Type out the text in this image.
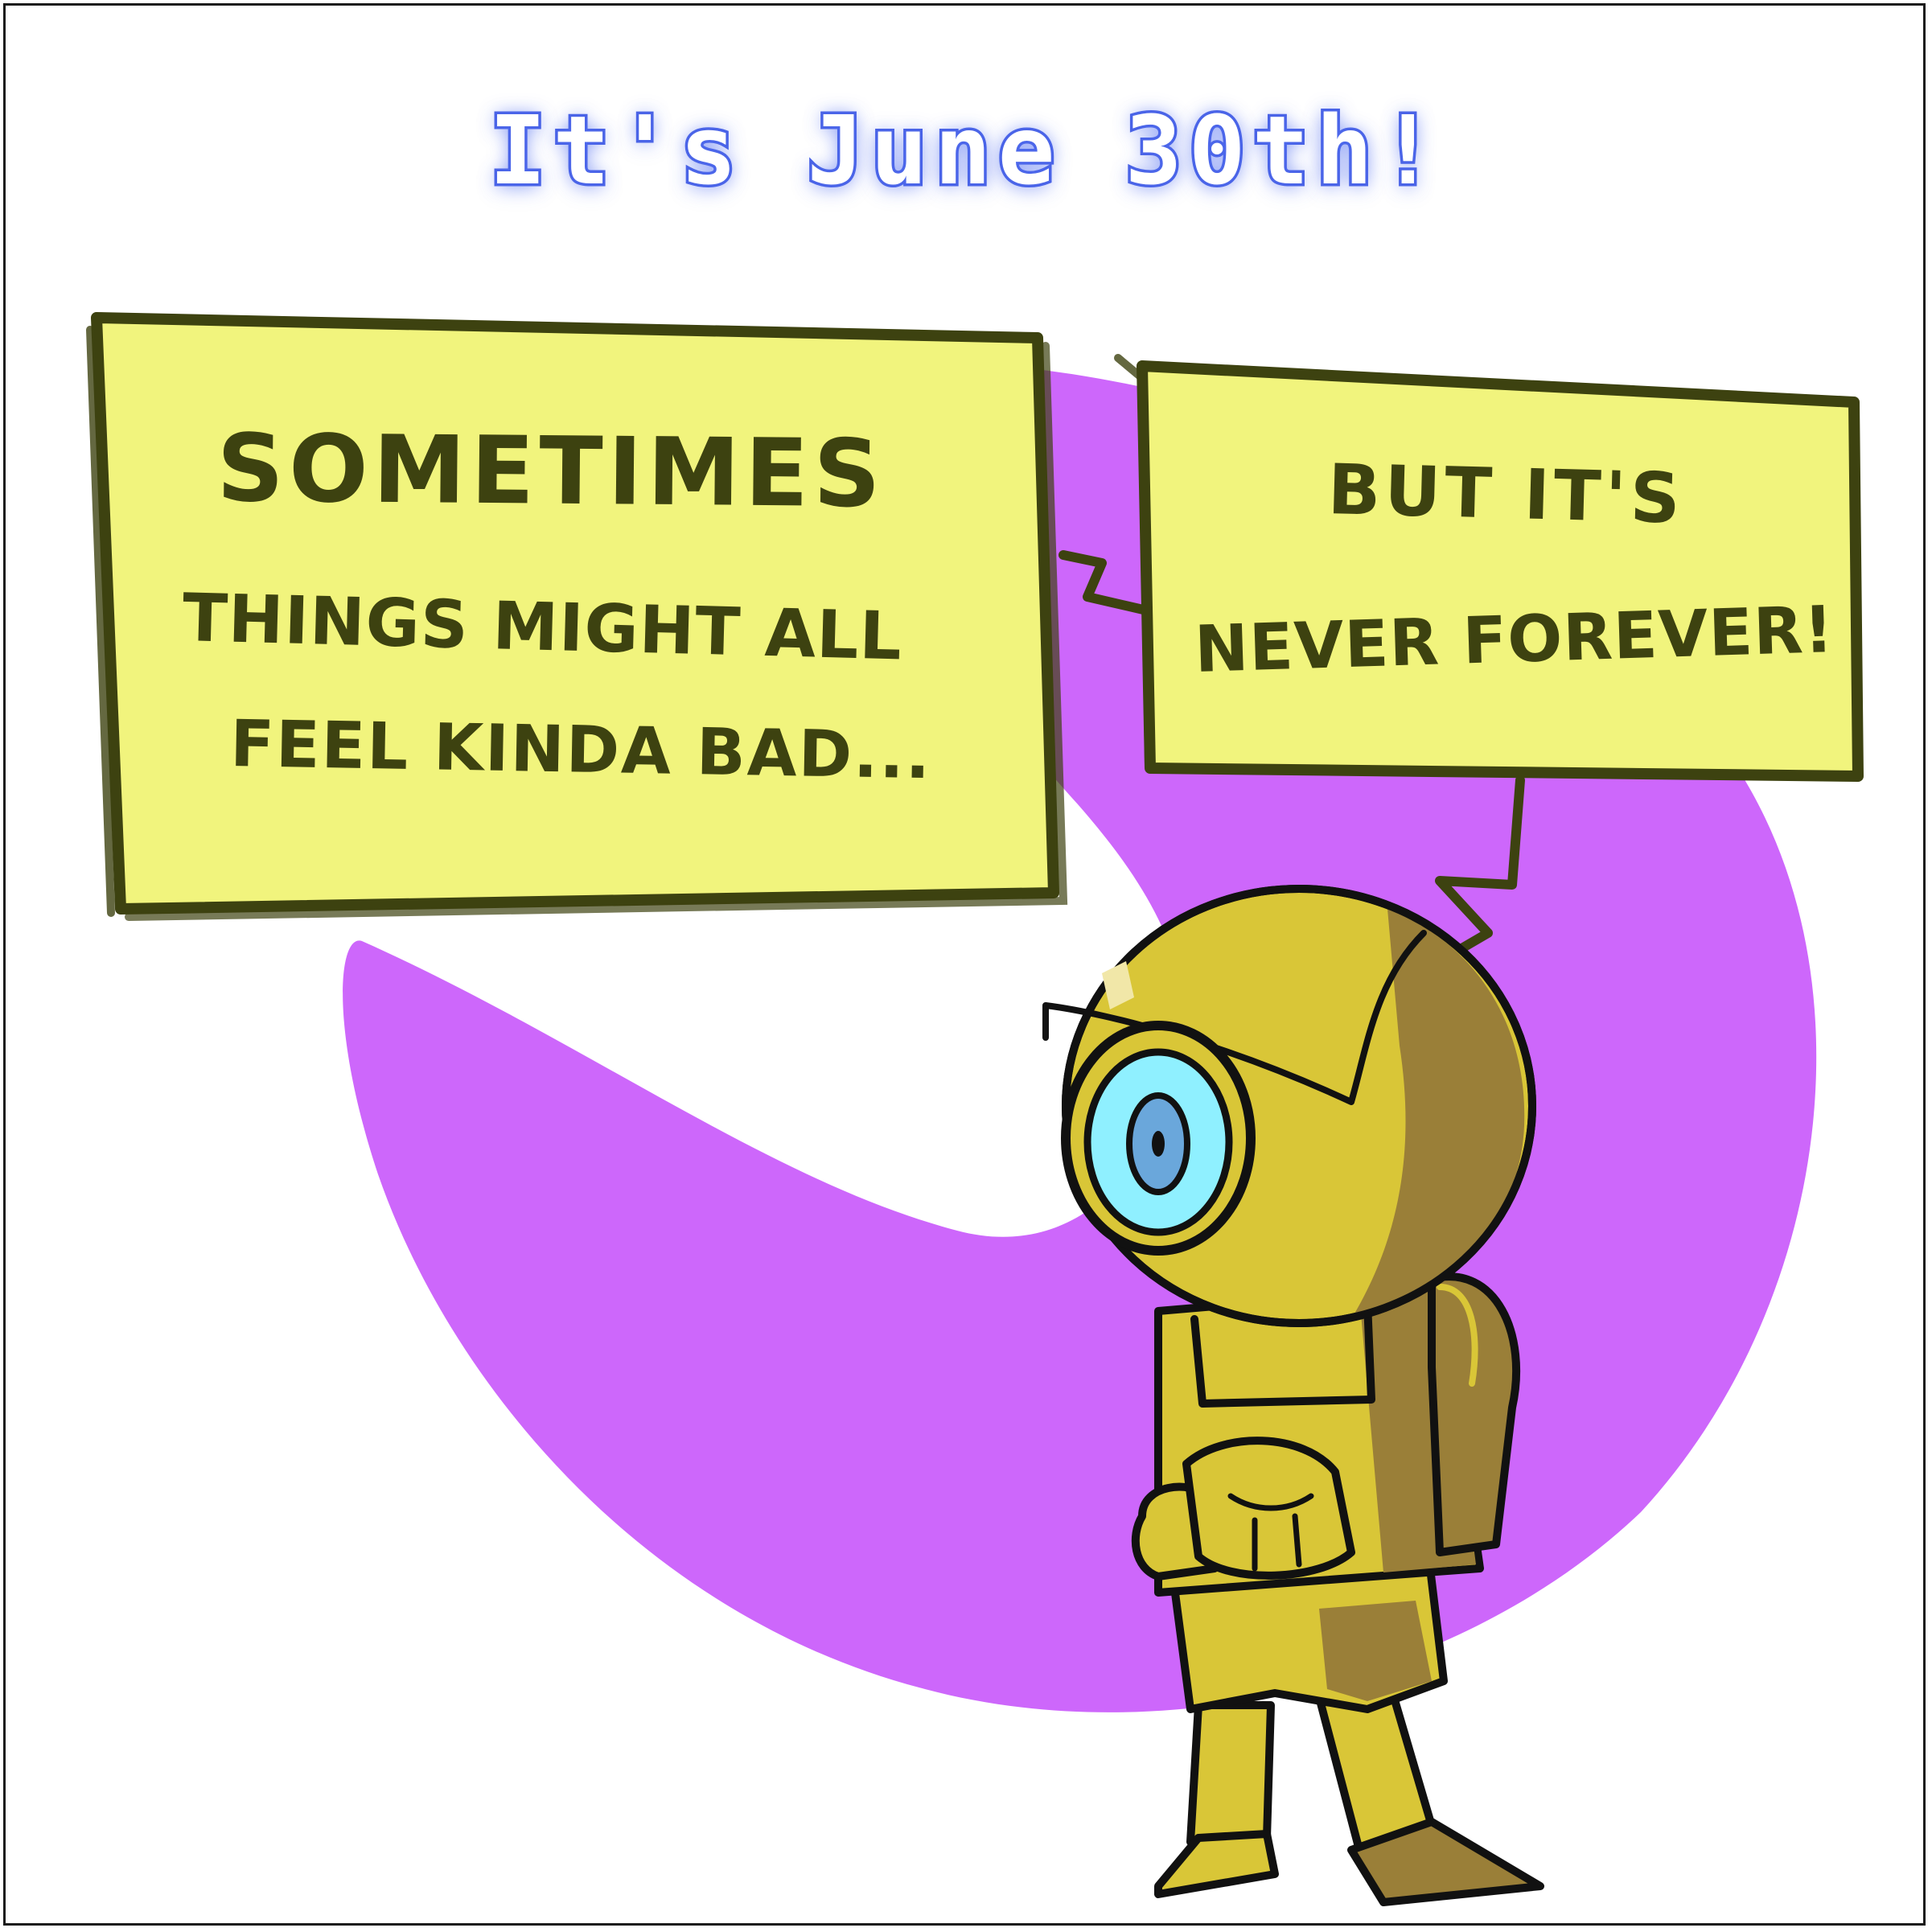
It's June 30th!
SOMETIMES
THINGS MIGHT ALL
FEEL KINDA BAD...
BUT IT'S
NEVER FOREVER!
